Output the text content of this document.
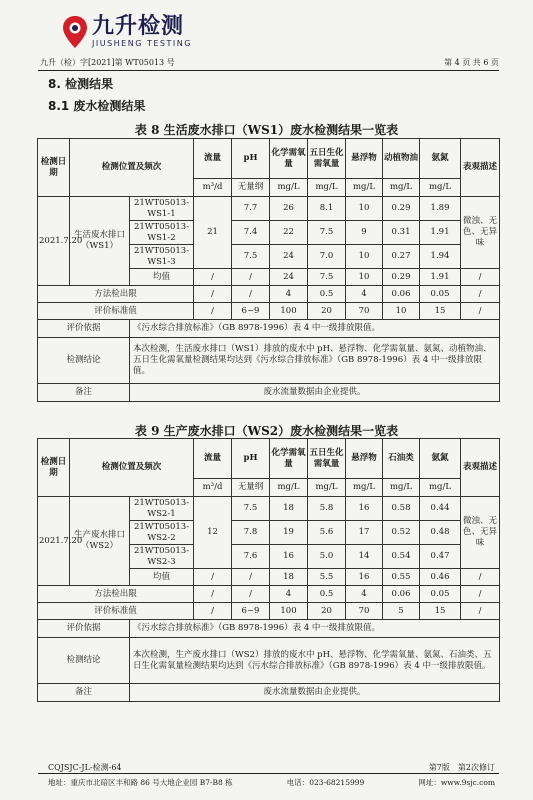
九升检测
JIUSHENG TESTING
九升（检）字[2021]第 WT05013 号	第 4 页 共 6 页
8. 检测结果
8.1 废水检测结果
表 8 生活废水排口（WS1）废水检测结果一览表
检测日期	检测位置及频次		流量	pH	化学需氧量	五日生化需氧量	悬浮物	动植物油	氨氮	表观描述
			m³/d	无量纲	mg/L	mg/L	mg/L	mg/L	mg/L	
2021.7.20	生活废水排口（WS1）	21WT05013-WS1-1	21	7.7	26	8.1	10	0.29	1.89	微浊、无色、无异味
		21WT05013-WS1-2		7.4	22	7.5	9	0.31	1.91	
		21WT05013-WS1-3		7.5	24	7.0	10	0.27	1.94	
		均值	/	/	24	7.5	10	0.29	1.91	/
方法检出限			/	/	4	0.5	4	0.06	0.05	/
评价标准值			/	6~9	100	20	70	10	15	/
评价依据		《污水综合排放标准》（GB 8978-1996）表 4 中一级排放限值。								
检测结论		本次检测，生活废水排口（WS1）排放的废水中 pH、悬浮物、化学需氧量、氨氮、动植物油、五日生化需氧量检测结果均达到《污水综合排放标准》（GB 8978-1996）表 4 中一级排放限值。								
备注		废水流量数据由企业提供。								
表 9 生产废水排口（WS2）废水检测结果一览表
检测日期	检测位置及频次		流量	pH	化学需氧量	五日生化需氧量	悬浮物	石油类	氨氮	表观描述
			m³/d	无量纲	mg/L	mg/L	mg/L	mg/L	mg/L	
2021.7.20	生产废水排口（WS2）	21WT05013-WS2-1	12	7.5	18	5.8	16	0.58	0.44	微浊、无色、无异味
		21WT05013-WS2-2		7.8	19	5.6	17	0.52	0.48	
		21WT05013-WS2-3		7.6	16	5.0	14	0.54	0.47	
		均值	/	/	18	5.5	16	0.55	0.46	/
方法检出限			/	/	4	0.5	4	0.06	0.05	/
评价标准值			/	6~9	100	20	70	5	15	/
评价依据		《污水综合排放标准》（GB 8978-1996）表 4 中一级排放限值。								
检测结论		本次检测，生产废水排口（WS2）排放的废水中 pH、悬浮物、化学需氧量、氨氮、石油类、五日生化需氧量检测结果均达到《污水综合排放标准》（GB 8978-1996）表 4 中一级排放限值。								
备注		废水流量数据由企业提供。								
CQJSJC-JL-检测-64	第7版　第2次修订
地址：重庆市北碚区丰和路 86 号大地企业园 B7-B8 栋	电话：023-68215999	网址：www.9sjc.com
